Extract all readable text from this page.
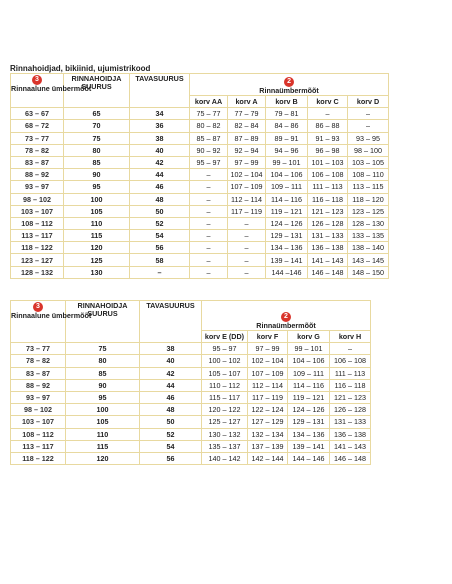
Rinnahoidjad, bikiinid, ujumistrikood
3
Rinnaalune ümbermõõt	RINNAHOIDJA SUURUS	TAVASUURUS	2
Rinnaümbermõõt				

			korv AA	korv A	korv B	korv C	korv D
63 – 67	65	34	75 – 77	77 – 79	79 – 81	–	–
68 – 72	70	36	80 – 82	82 – 84	84 – 86	86 – 88	–
73 – 77	75	38	85 – 87	87 – 89	89 – 91	91 – 93	93 – 95
78 – 82	80	40	90 – 92	92 – 94	94 – 96	96 – 98	98 – 100
83 – 87	85	42	95 – 97	97 – 99	99 – 101	101 – 103	103 – 105
88 – 92	90	44	–	102 – 104	104 – 106	106 – 108	108 – 110
93 – 97	95	46	–	107 – 109	109 – 111	111 – 113	113 – 115
98 – 102	100	48	–	112 – 114	114 – 116	116 – 118	118 – 120
103 – 107	105	50	–	117 – 119	119 – 121	121 – 123	123 – 125
108 – 112	110	52	–	–	124 – 126	126 – 128	128 – 130
113 – 117	115	54	–	–	129 – 131	131 – 133	133 – 135
118 – 122	120	56	–	–	134 – 136	136 – 138	138 – 140
123 – 127	125	58	–	–	139 – 141	141 – 143	143 – 145
128 – 132	130	–	–	–	144 –146	146 – 148	148 – 150
3
Rinnaalune ümbermõõt	RINNAHOIDJA SUURUS	TAVASUURUS	2
Rinnaümbermõõt			

			korv E (DD)	korv F	korv G	korv H
73 – 77	75	38	95 – 97	97 – 99	99 – 101	–
78 – 82	80	40	100 – 102	102 – 104	104 – 106	106 – 108
83 – 87	85	42	105 – 107	107 – 109	109 – 111	111 – 113
88 – 92	90	44	110 – 112	112 – 114	114 – 116	116 – 118
93 – 97	95	46	115 – 117	117 – 119	119 – 121	121 – 123
98 – 102	100	48	120 – 122	122 – 124	124 – 126	126 – 128
103 – 107	105	50	125 – 127	127 – 129	129 – 131	131 – 133
108 – 112	110	52	130 – 132	132 – 134	134 – 136	136 – 138
113 – 117	115	54	135 – 137	137 – 139	139 – 141	141 – 143
118 – 122	120	56	140 – 142	142 – 144	144 – 146	146 – 148
